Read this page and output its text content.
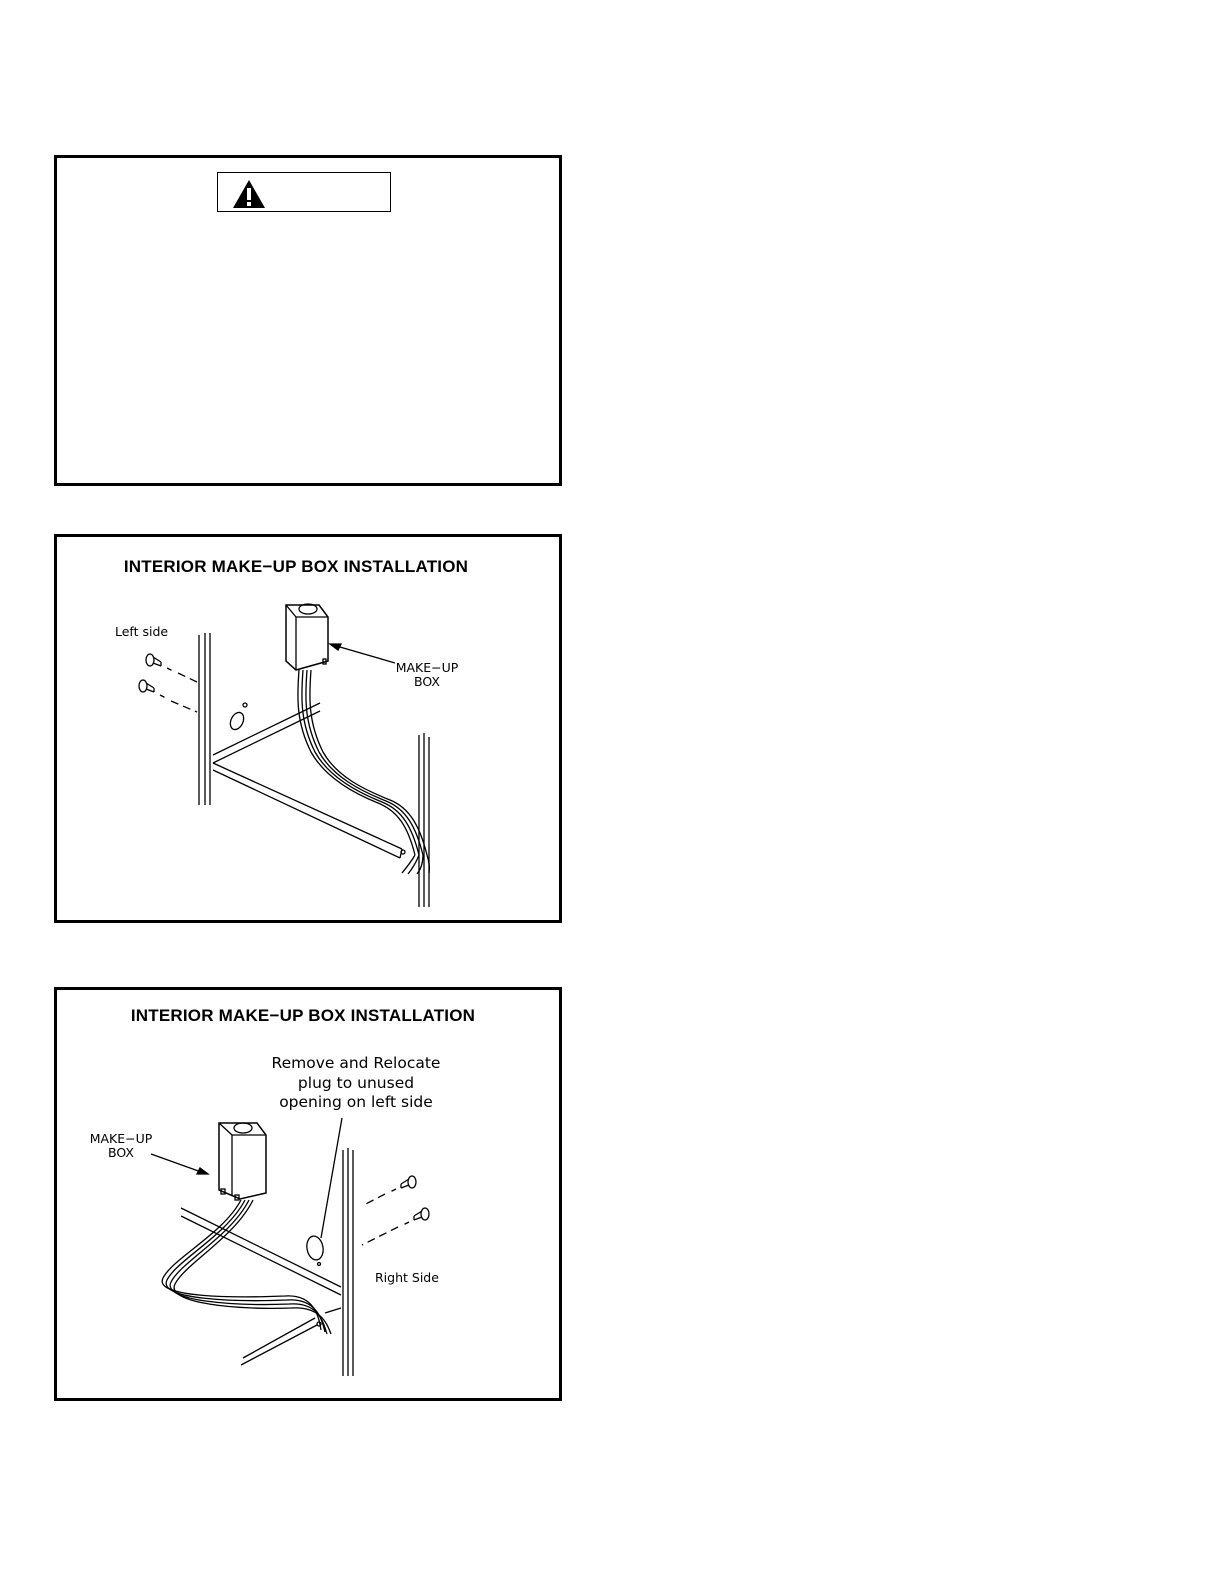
INTERIOR MAKE−UP BOX INSTALLATION
Left side
MAKE−UP
BOX
INTERIOR MAKE−UP BOX INSTALLATION
Remove and Relocate
plug to unused
opening on left side
MAKE−UP
BOX
Right Side
